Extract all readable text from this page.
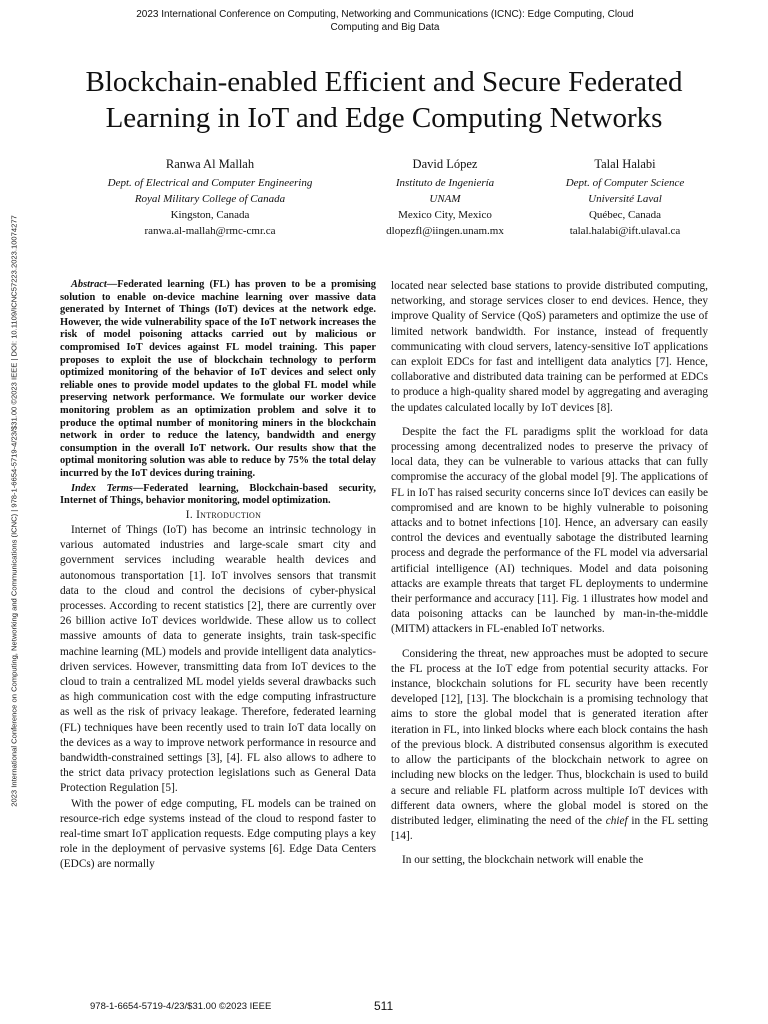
2023 International Conference on Computing, Networking and Communications (ICNC) | 978-1-6654-5719-4/23/$31.00 ©2023 IEEE | DOI: 10.1109/ICNC57223.2023.10074277
2023 International Conference on Computing, Networking and Communications (ICNC): Edge Computing, Cloud
Computing and Big Data
Blockchain-enabled Efficient and Secure Federated
Learning in IoT and Edge Computing Networks
Ranwa Al Mallah
Dept. of Electrical and Computer Engineering
Royal Military College of Canada
Kingston, Canada
ranwa.al-mallah@rmc-cmr.ca
David López
Instituto de Ingeniería
UNAM
Mexico City, Mexico
dlopezfl@iingen.unam.mx
Talal Halabi
Dept. of Computer Science
Université Laval
Québec, Canada
talal.halabi@ift.ulaval.ca

Abstract—Federated learning (FL) has proven to be a promising solution to enable on-device machine learning over massive data generated by Internet of Things (IoT) devices at the network edge. However, the wide vulnerability space of the IoT network increases the risk of model poisoning attacks carried out by malicious or compromised IoT devices against FL model training. This paper proposes to exploit the use of blockchain technology to perform optimized monitoring of the behavior of IoT devices and select only reliable ones to provide model updates to the global FL model while preserving network performance. We formulate our worker device monitoring problem as an optimization problem and solve it to produce the optimal number of monitoring miners in the blockchain network in order to reduce the latency, bandwidth and energy consumption in the overall IoT network. Our results show that the optimal monitoring solution was able to reduce by 75% the total delay incurred by the IoT devices during training.

Index Terms—Federated learning, Blockchain-based security, Internet of Things, behavior monitoring, model optimization.

I. Introduction

Internet of Things (IoT) has become an intrinsic technology in various automated industries and large-scale smart city and government services including wearable health devices and autonomous transportation [1]. IoT involves sensors that transmit data to the cloud and control the decisions of cyber-physical processes. According to recent statistics [2], there are currently over 26 billion active IoT devices worldwide. These allow us to collect massive amounts of data to generate insights, train task-specific machine learning (ML) models and provide intelligent data analytics-driven services. However, transmitting data from IoT devices to the cloud to train a centralized ML model yields several drawbacks such as high communication cost with the edge computing infrastructure as well as the risk of privacy leakage. Therefore, federated learning (FL) techniques have been recently used to train IoT data locally on the devices as a way to improve network performance in resource and bandwidth-constrained settings [3], [4]. FL also allows to adhere to the strict data privacy protection legislations such as General Data Protection Regulation [5].

With the power of edge computing, FL models can be trained on resource-rich edge systems instead of the cloud to respond faster to real-time smart IoT application requests. Edge computing plays a key role in the deployment of pervasive systems [6]. Edge Data Centers (EDCs) are normally

located near selected base stations to provide distributed computing, networking, and storage services closer to end devices. Hence, they improve Quality of Service (QoS) parameters and optimize the use of limited network bandwidth. For instance, instead of frequently communicating with cloud servers, latency-sensitive IoT applications can exploit EDCs for fast and intelligent data analytics [7]. Hence, collaborative and distributed data training can be performed at EDCs to produce a high-quality shared model by aggregating and averaging the updates calculated locally by IoT devices [8].

Despite the fact the FL paradigms split the workload for data processing among decentralized nodes to preserve the privacy of local data, they can be vulnerable to various attacks that can fully compromise the accuracy of the global model [9]. The applications of FL in IoT has raised security concerns since IoT devices can easily be compromised and are known to be highly vulnerable to poisoning attacks and to botnet infections [10]. Hence, an adversary can easily control the devices and eventually sabotage the distributed learning process and degrade the performance of the FL model via adversarial artificial intelligence (AI) techniques. Model and data poisoning attacks are example threats that target FL deployments to undermine their performance and accuracy [11]. Fig. 1 illustrates how model and data poisoning attacks can be launched by man-in-the-middle (MITM) attackers in FL-enabled IoT networks.

Considering the threat, new approaches must be adopted to secure the FL process at the IoT edge from potential security attacks. For instance, blockchain solutions for FL security have been recently developed [12], [13]. The blockchain is a promising technology that aims to store the global model that is generated iteration after iteration in FL, into linked blocks where each block contains the hash of the previous block. A distributed consensus algorithm is executed to allow the participants of the blockchain network to agree on including new blocks on the ledger. Thus, blockchain is used to build a secure and reliable FL platform across multiple IoT devices with different data owners, where the global model is stored on the distributed ledger, eliminating the need of the chief in the FL setting [14].

In our setting, the blockchain network will enable the

978-1-6654-5719-4/23/$31.00 ©2023 IEEE	511
